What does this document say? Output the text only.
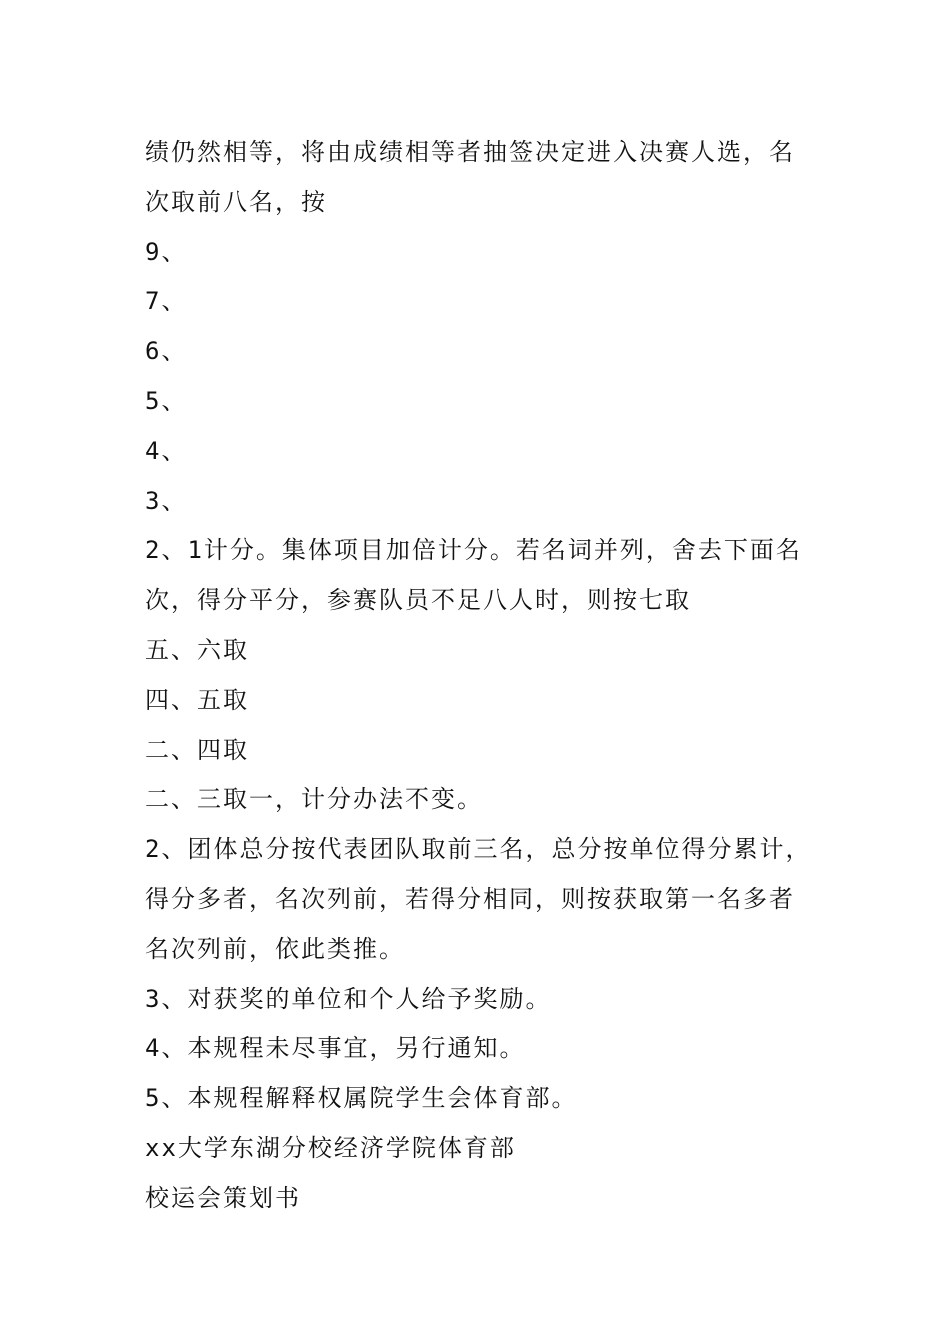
绩仍然相等，将由成绩相等者抽签决定进入决赛人选，名次取前八名，按

9、

7、

6、

5、

4、

3、

2、1计分。集体项目加倍计分。若名词并列，舍去下面名次，得分平分，参赛队员不足八人时，则按七取

五、六取

四、五取

二、四取

二、三取一，计分办法不变。

2、团体总分按代表团队取前三名，总分按单位得分累计，得分多者，名次列前，若得分相同，则按获取第一名多者名次列前，依此类推。

3、对获奖的单位和个人给予奖励。

4、本规程未尽事宜，另行通知。

5、本规程解释权属院学生会体育部。

xx大学东湖分校经济学院体育部

校运会策划书
